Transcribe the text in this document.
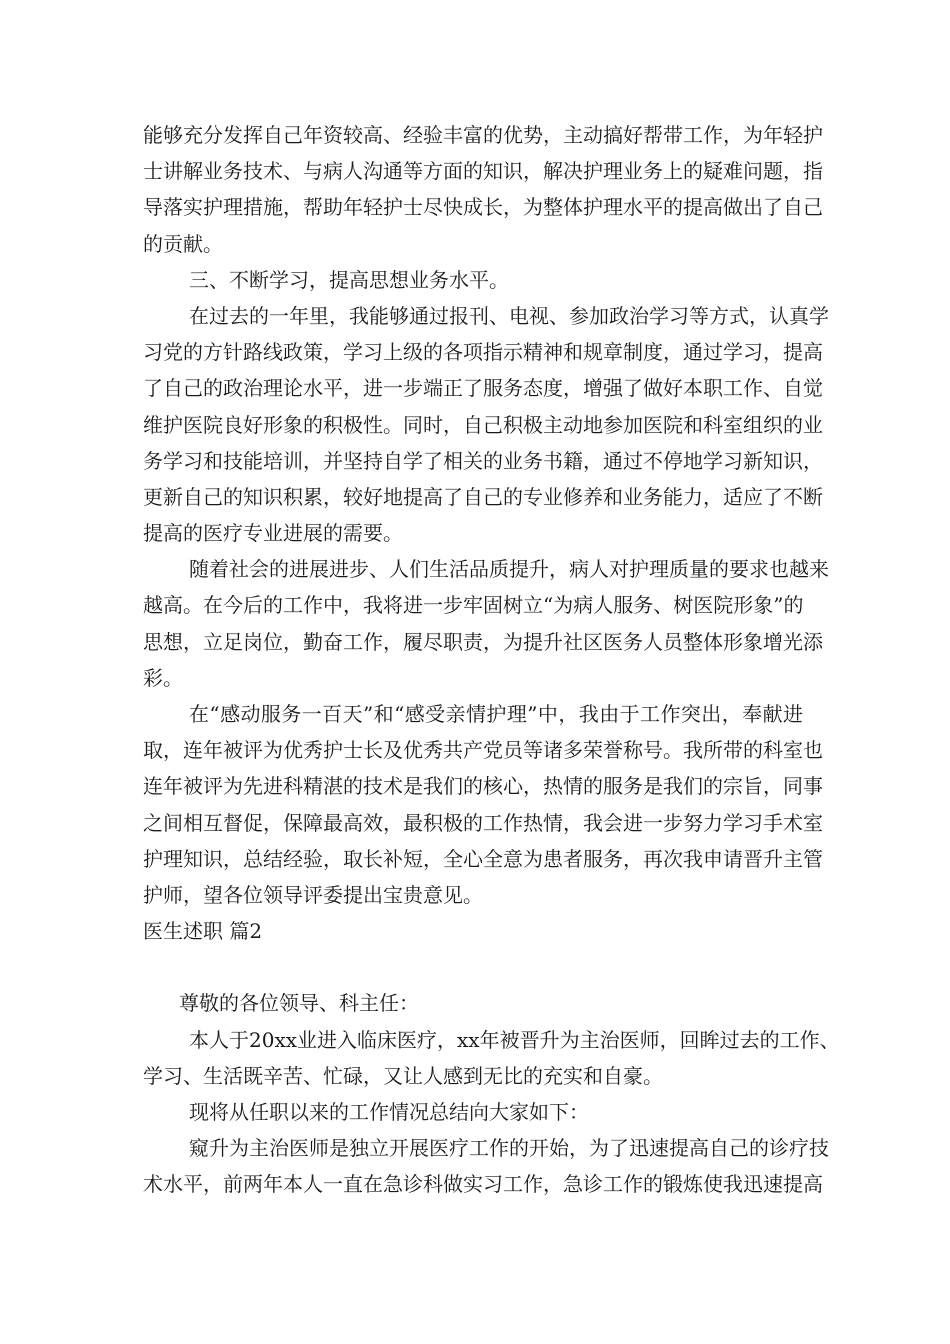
能够充分发挥自己年资较高、经验丰富的优势，主动搞好帮带工作，为年轻护
士讲解业务技术、与病人沟通等方面的知识，解决护理业务上的疑难问题，指
导落实护理措施，帮助年轻护士尽快成长，为整体护理水平的提高做出了自己
的贡献。
三、不断学习，提高思想业务水平。
在过去的一年里，我能够通过报刊、电视、参加政治学习等方式，认真学
习党的方针路线政策，学习上级的各项指示精神和规章制度，通过学习，提高
了自己的政治理论水平，进一步端正了服务态度，增强了做好本职工作、自觉
维护医院良好形象的积极性。同时，自己积极主动地参加医院和科室组织的业
务学习和技能培训，并坚持自学了相关的业务书籍，通过不停地学习新知识，
更新自己的知识积累，较好地提高了自己的专业修养和业务能力，适应了不断
提高的医疗专业进展的需要。
随着社会的进展进步、人们生活品质提升，病人对护理质量的要求也越来
越高。在今后的工作中，我将进一步牢固树立“为病人服务、树医院形象”的
思想，立足岗位，勤奋工作，履尽职责，为提升社区医务人员整体形象增光添
彩。
在“感动服务一百天”和“感受亲情护理”中，我由于工作突出，奉献进
取，连年被评为优秀护士长及优秀共产党员等诸多荣誉称号。我所带的科室也
连年被评为先进科精湛的技术是我们的核心，热情的服务是我们的宗旨，同事
之间相互督促，保障最高效，最积极的工作热情，我会进一步努力学习手术室
护理知识，总结经验，取长补短，全心全意为患者服务，再次我申请晋升主管
护师，望各位领导评委提出宝贵意见。
医生述职 篇2
尊敬的各位领导、科主任：
本人于20xx业进入临床医疗，xx年被晋升为主治医师，回眸过去的工作、
学习、生活既辛苦、忙碌，又让人感到无比的充实和自豪。
现将从任职以来的工作情况总结向大家如下：
窥升为主治医师是独立开展医疗工作的开始，为了迅速提高自己的诊疗技
术水平，前两年本人一直在急诊科做实习工作，急诊工作的锻炼使我迅速提高
